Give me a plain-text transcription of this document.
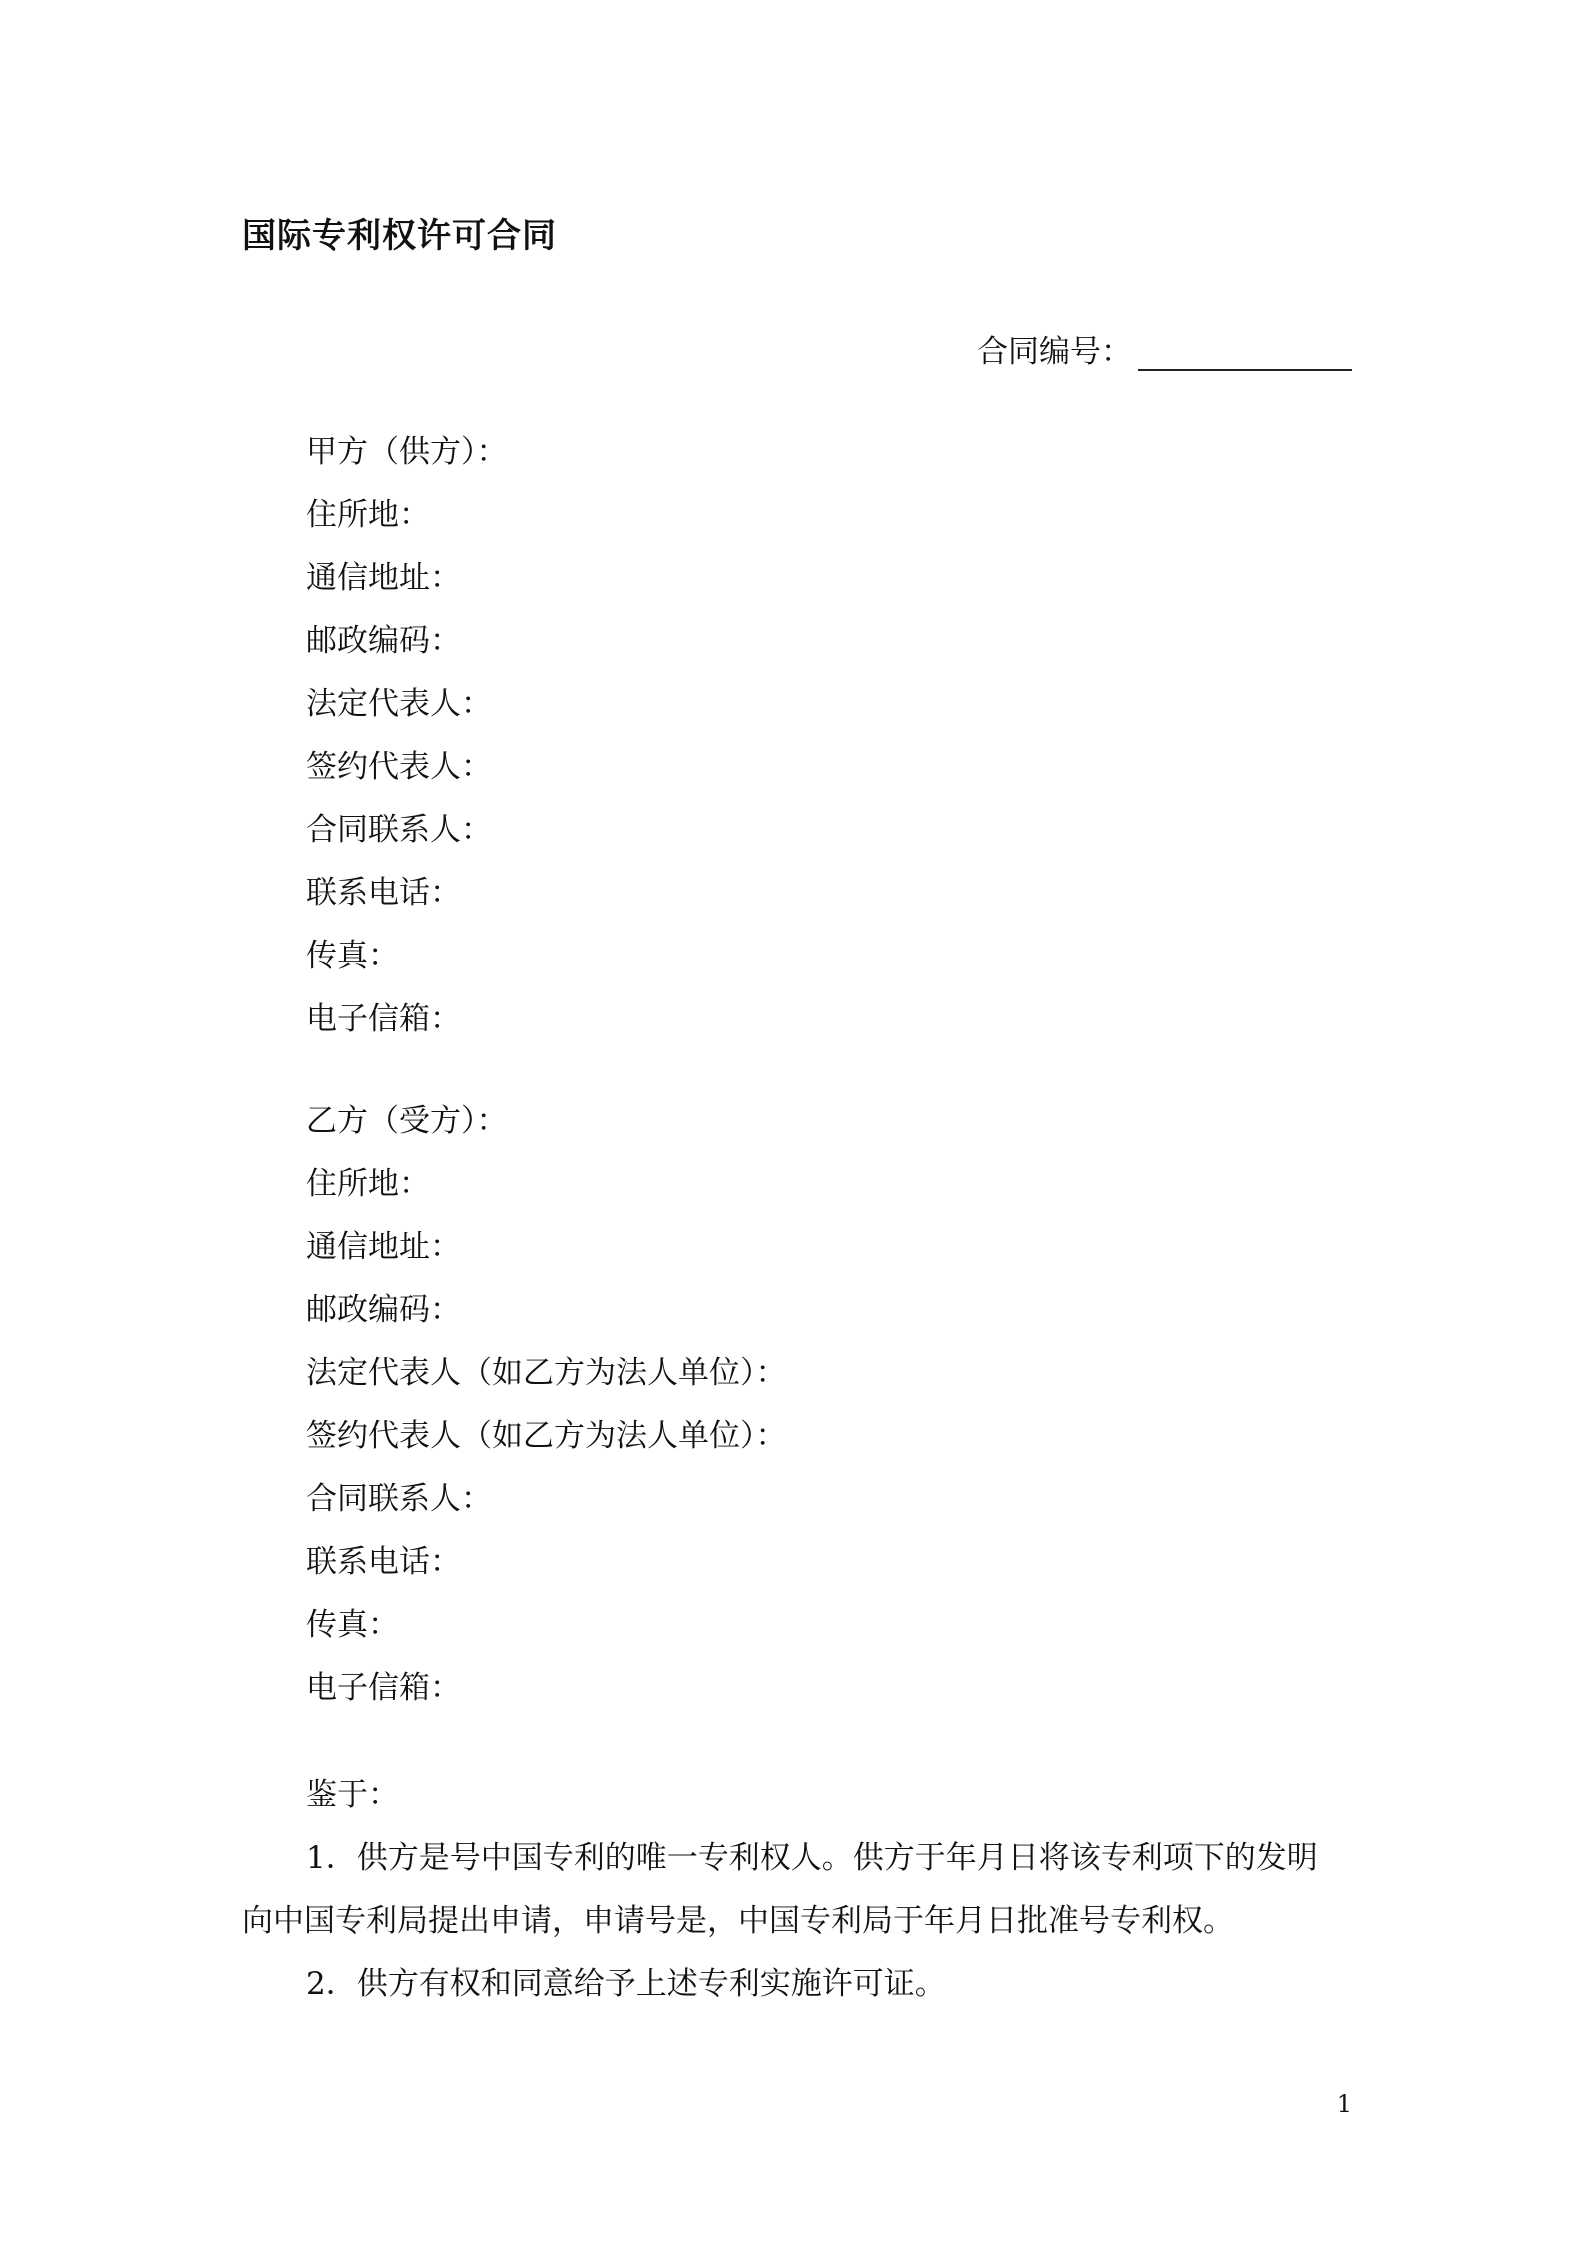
国际专利权许可合同
合同编号：
甲方（供方）：
住所地：
通信地址：
邮政编码：
法定代表人：
签约代表人：
合同联系人：
联系电话：
传真：
电子信箱：
乙方（受方）：
住所地：
通信地址：
邮政编码：
法定代表人（如乙方为法人单位）：
签约代表人（如乙方为法人单位）：
合同联系人：
联系电话：
传真：
电子信箱：
鉴于：
1．供方是号中国专利的唯一专利权人。供方于年月日将该专利项下的发明
向中国专利局提出申请，申请号是，中国专利局于年月日批准号专利权。
2．供方有权和同意给予上述专利实施许可证。
1
